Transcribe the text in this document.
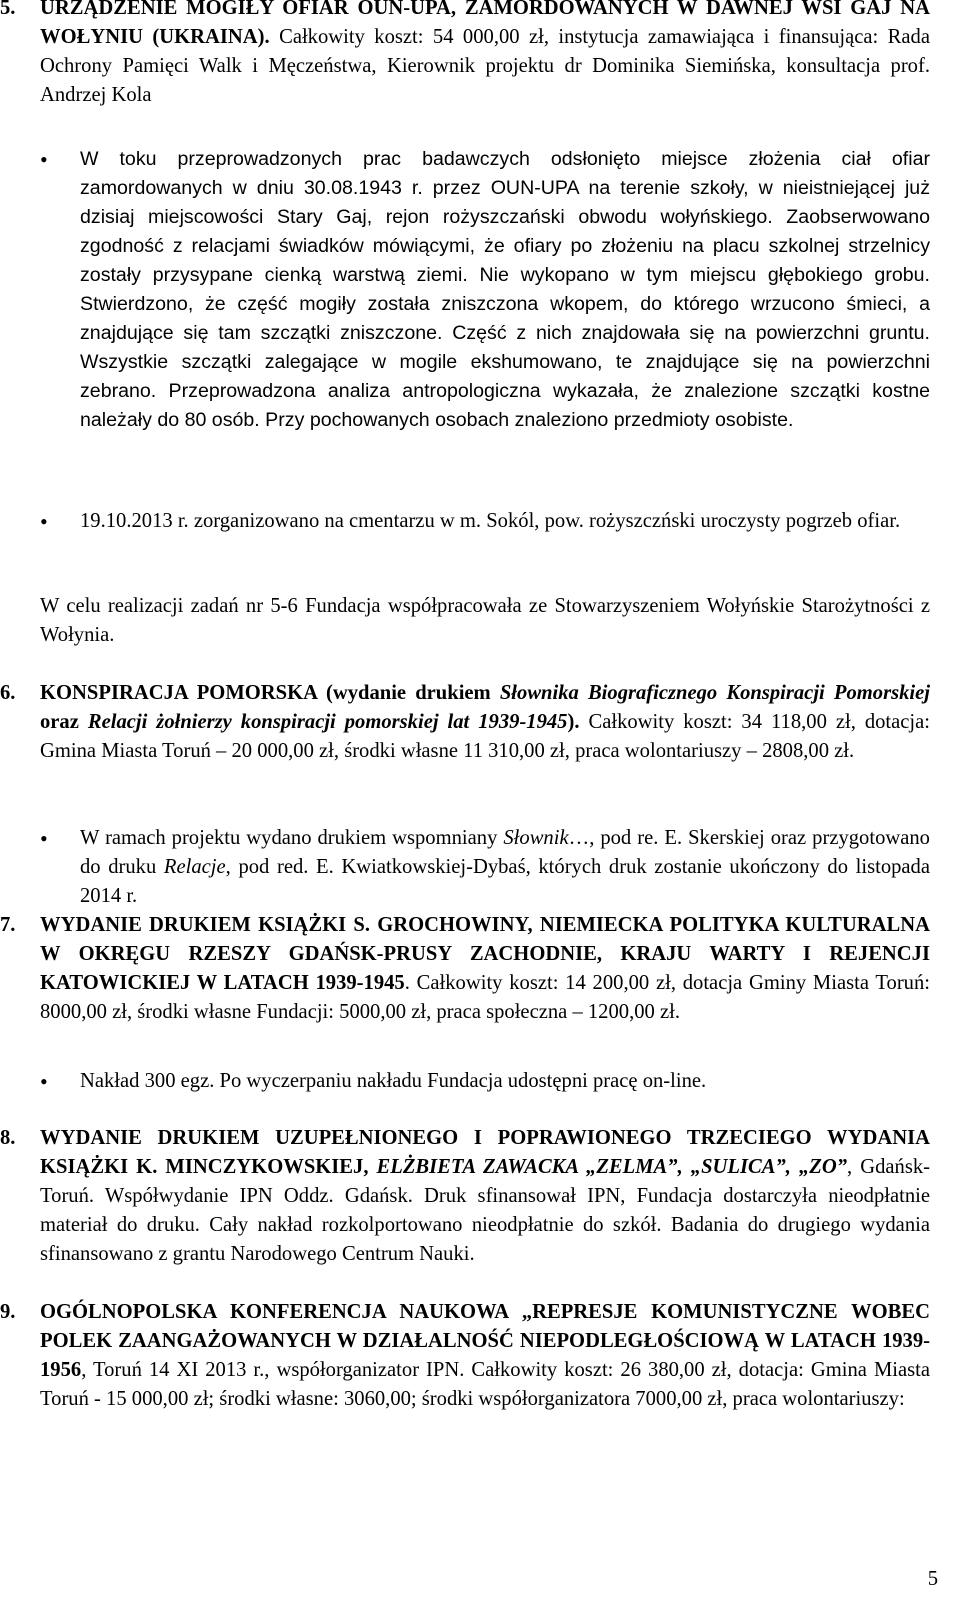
5. URZĄDZENIE MOGIŁY OFIAR OUN-UPA, ZAMORDOWANYCH W DAWNEJ WSI GAJ NA WOŁYNIU (UKRAINA). Całkowity koszt: 54 000,00 zł, instytucja zamawiająca i finansująca: Rada Ochrony Pamięci Walk i Męczeństwa, Kierownik projektu dr Dominika Siemińska, konsultacja prof. Andrzej Kola
• W toku przeprowadzonych prac badawczych odsłonięto miejsce złożenia ciał ofiar zamordowanych w dniu 30.08.1943 r. przez OUN-UPA na terenie szkoły, w nieistniejącej już dzisiaj miejscowości Stary Gaj, rejon rożyszczański obwodu wołyńskiego. Zaobserwowano zgodność z relacjami świadków mówiącymi, że ofiary po złożeniu na placu szkolnej strzelnicy zostały przysypane cienką warstwą ziemi. Nie wykopano w tym miejscu głębokiego grobu. Stwierdzono, że część mogiły została zniszczona wkopem, do którego wrzucono śmieci, a znajdujące się tam szczątki zniszczone. Część z nich znajdowała się na powierzchni gruntu. Wszystkie szczątki zalegające w mogile ekshumowano, te znajdujące się na powierzchni zebrano. Przeprowadzona analiza antropologiczna wykazała, że znalezione szczątki kostne należały do 80 osób. Przy pochowanych osobach znaleziono przedmioty osobiste.
• 19.10.2013 r. zorganizowano na cmentarzu w m. Sokól, pow. rożyszczński uroczysty pogrzeb ofiar.
W celu realizacji zadań nr 5-6 Fundacja współpracowała ze Stowarzyszeniem Wołyńskie Starożytności z Wołynia.
6. KONSPIRACJA POMORSKA (wydanie drukiem Słownika Biograficznego Konspiracji Pomorskiej oraz Relacji żołnierzy konspiracji pomorskiej lat 1939-1945). Całkowity koszt: 34 118,00 zł, dotacja: Gmina Miasta Toruń – 20 000,00 zł, środki własne 11 310,00 zł, praca wolontariuszy – 2808,00 zł.
• W ramach projektu wydano drukiem wspomniany Słownik…, pod re. E. Skerskiej oraz przygotowano do druku Relacje, pod red. E. Kwiatkowskiej-Dybaś, których druk zostanie ukończony do listopada 2014 r.
7. WYDANIE DRUKIEM KSIĄŻKI S. GROCHOWINY, NIEMIECKA POLITYKA KULTURALNA W OKRĘGU RZESZY GDAŃSK-PRUSY ZACHODNIE, KRAJU WARTY I REJENCJI KATOWICKIEJ W LATACH 1939-1945. Całkowity koszt: 14 200,00 zł, dotacja Gminy Miasta Toruń: 8000,00 zł, środki własne Fundacji: 5000,00 zł, praca społeczna – 1200,00 zł.
• Nakład 300 egz. Po wyczerpaniu nakładu Fundacja udostępni pracę on-line.
8. WYDANIE DRUKIEM UZUPEŁNIONEGO I POPRAWIONEGO TRZECIEGO WYDANIA KSIĄŻKI K. MINCZYKOWSKIEJ, ELŻBIETA ZAWACKA „ZELMA”, „SULICA”, „ZO”, Gdańsk-Toruń. Współwydanie IPN Oddz. Gdańsk. Druk sfinansował IPN, Fundacja dostarczyła nieodpłatnie materiał do druku. Cały nakład rozkolportowano nieodpłatnie do szkół. Badania do drugiego wydania sfinansowano z grantu Narodowego Centrum Nauki.
9. OGÓLNOPOLSKA KONFERENCJA NAUKOWA „REPRESJE KOMUNISTYCZNE WOBEC POLEK ZAANGAŻOWANYCH W DZIAŁALNOŚĆ NIEPODLEGŁOŚCIOWĄ W LATACH 1939-1956, Toruń 14 XI 2013 r., współorganizator IPN. Całkowity koszt: 26 380,00 zł, dotacja: Gmina Miasta Toruń - 15 000,00 zł; środki własne: 3060,00; środki współorganizatora 7000,00 zł, praca wolontariuszy:
5
